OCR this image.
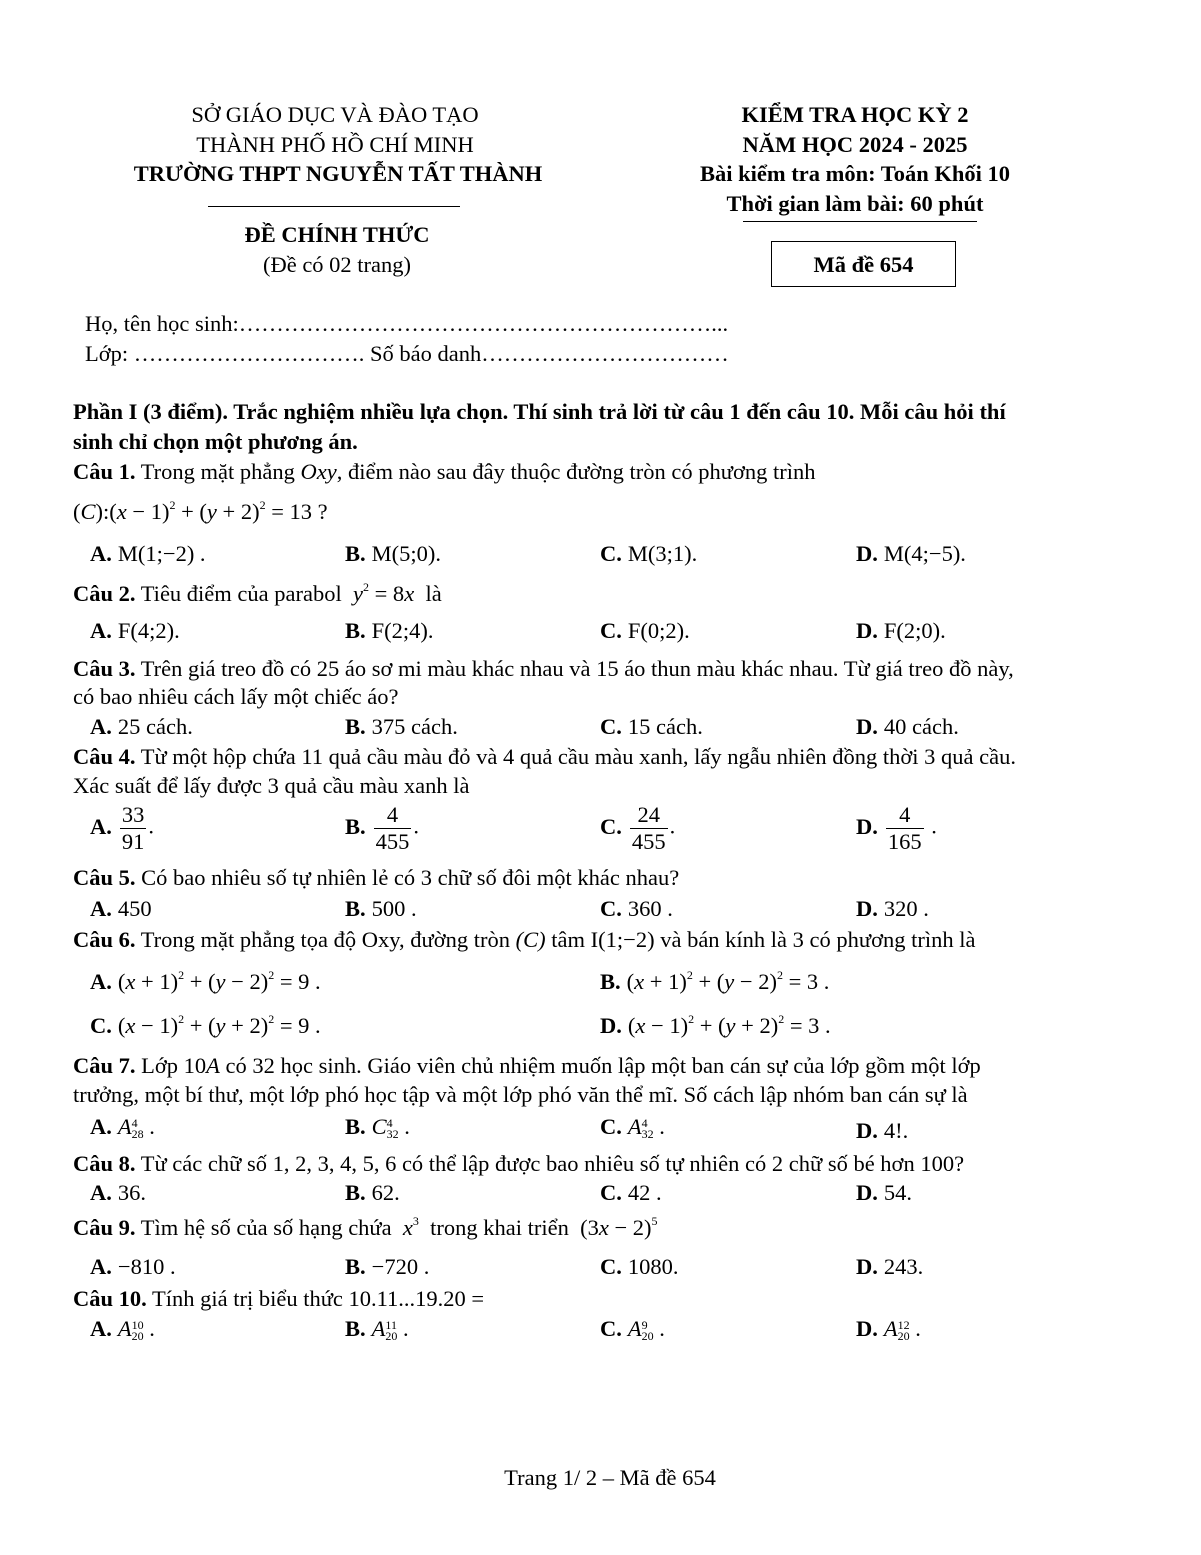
SỞ GIÁO DỤC VÀ ĐÀO TẠO
THÀNH PHỐ HỒ CHÍ MINH
TRƯỜNG THPT NGUYỄN TẤT THÀNH
ĐỀ CHÍNH THỨC
(Đề có 02 trang)
KIỂM TRA HỌC KỲ 2
NĂM HỌC 2024 - 2025
Bài kiểm tra môn: Toán Khối 10
Thời gian làm bài: 60 phút
Mã đề 654
Họ, tên học sinh:………………………………………………………...
Lớp: …………………………. Số báo danh……………………………
Phần I (3 điểm). Trắc nghiệm nhiều lựa chọn. Thí sinh trả lời từ câu 1 đến câu 10. Mỗi câu hỏi thí
sinh chỉ chọn một phương án.
Câu 1. Trong mặt phẳng Oxy, điểm nào sau đây thuộc đường tròn có phương trình
(C):(x − $1)^2 + (y + 2)^2 = 13$ ?
A. M(1;−2) .	B. M(5;0).	C. M(3;1).	D. M(4;−5).
Câu 2. Tiêu điểm của parabol $y^2 = 8x$ là
A. F(4;2).	B. F(2;4).	C. F(0;2).	D. F(2;0).
Câu 3. Trên giá treo đồ có 25 áo sơ mi màu khác nhau và 15 áo thun màu khác nhau. Từ giá treo đồ này,
có bao nhiêu cách lấy một chiếc áo?
A. 25 cách.	B. 375 cách.	C. 15 cách.	D. 40 cách.
Câu 4. Từ một hộp chứa 11 quả cầu màu đỏ và 4 quả cầu màu xanh, lấy ngẫu nhiên đồng thời 3 quả cầu.
Xác suất để lấy được 3 quả cầu màu xanh là
A. $\frac{33}{91}$ .	B. $\frac{4}{455}$ .	C. $\frac{24}{455}$ .	D. $\frac{4}{165}$ .
Câu 5. Có bao nhiêu số tự nhiên lẻ có 3 chữ số đôi một khác nhau?
A. 450	B. 500 .	C. 360 .	D. 320 .
Câu 6. Trong mặt phẳng tọa độ Oxy, đường tròn (C) tâm I(1;−2) và bán kính là 3 có phương trình là
A. $(x + 1)^2 + (y - 2)^2 = 9$ .	B. $(x + 1)^2 + (y - 2)^2 = 3$ .
C. $(x - 1)^2 + (y + 2)^2 = 9$ .	D. $(x - 1)^2 + (y + 2)^2 = 3$ .
Câu 7. Lớp 10A có 32 học sinh. Giáo viên chủ nhiệm muốn lập một ban cán sự của lớp gồm một lớp
trưởng, một bí thư, một lớp phó học tập và một lớp phó văn thể mĩ. Số cách lập nhóm ban cán sự là
A. A 4
28 .	B. C 4
32 .	C. A 4
32 .	D. 4!.
Câu 8. Từ các chữ số 1, 2, 3, 4, 5, 6 có thể lập được bao nhiêu số tự nhiên có 2 chữ số bé hơn 100?
A. 36.	B. 62.	C. 42 .	D. 54.
Câu 9. Tìm hệ số của số hạng chứa $x^3$ trong khai triển  $(3x - 2)^5$
A. −810 .	B. −720 .	C. 1080.	D. 243.
Câu 10. Tính giá trị biểu thức 10.11...19.20 =
A. A 10
20 .	B. A 11
20 .	C. A 9
20 .	D. A 12
20 .
Trang 1/ 2 – Mã đề 654
